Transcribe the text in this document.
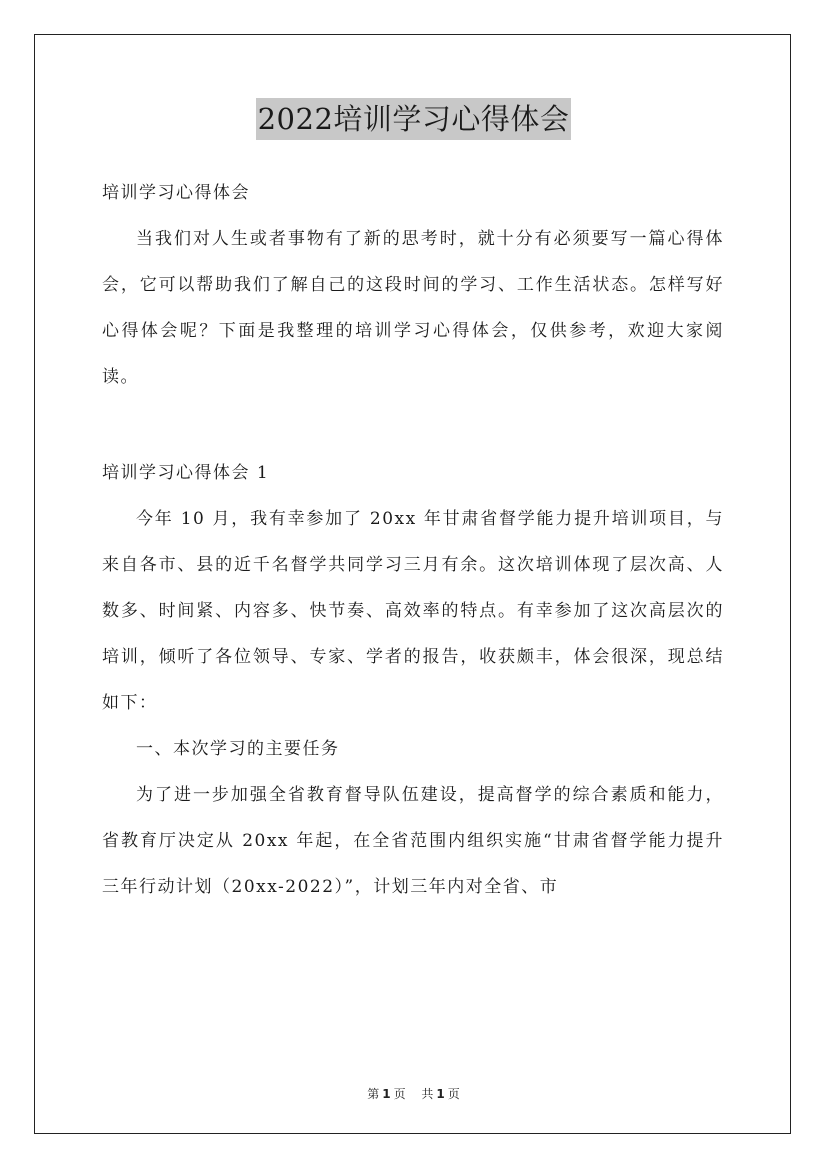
2022培训学习心得体会

培训学习心得体会

当我们对人生或者事物有了新的思考时，就十分有必须要写一篇心得体会，它可以帮助我们了解自己的这段时间的学习、工作生活状态。怎样写好心得体会呢？下面是我整理的培训学习心得体会，仅供参考，欢迎大家阅读。

培训学习心得体会 1

今年 10 月，我有幸参加了 20xx 年甘肃省督学能力提升培训项目，与来自各市、县的近千名督学共同学习三月有余。这次培训体现了层次高、人数多、时间紧、内容多、快节奏、高效率的特点。有幸参加了这次高层次的培训，倾听了各位领导、专家、学者的报告，收获颇丰，体会很深，现总结如下：

一、本次学习的主要任务

为了进一步加强全省教育督导队伍建设，提高督学的综合素质和能力，省教育厅决定从 20xx 年起，在全省范围内组织实施“甘肃省督学能力提升三年行动计划（20xx-2022）”，计划三年内对全省、市

第 1 页 共 1 页
